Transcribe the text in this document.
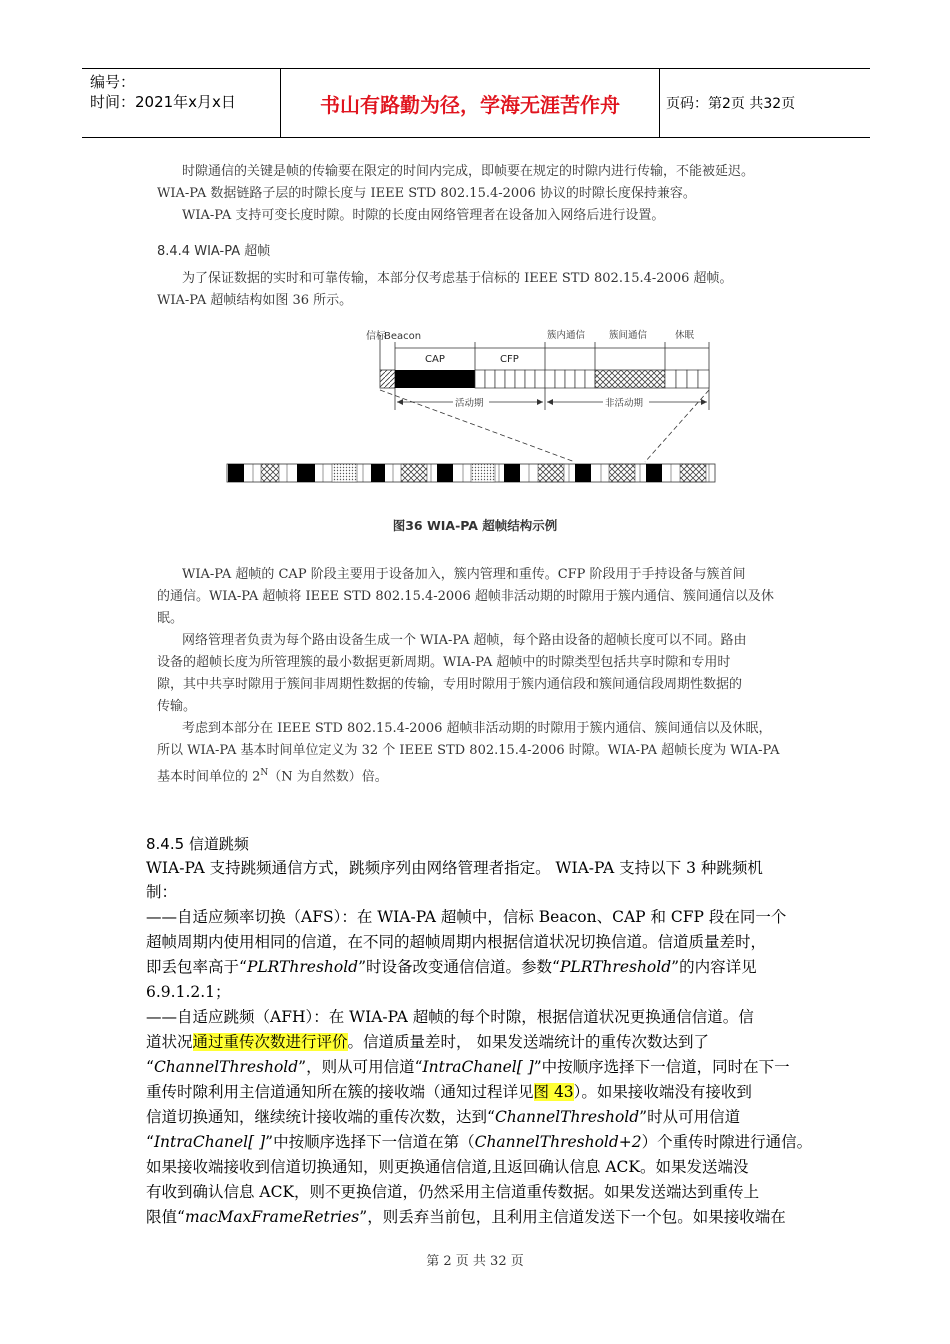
编号：
时间：2021年x月x日	书山有路勤为径，学海无涯苦作舟	页码：第2页 共32页
时隙通信的关键是帧的传输要在限定的时间内完成，即帧要在规定的时隙内进行传输，不能被延迟。
WIA-PA 数据链路子层的时隙长度与 IEEE STD 802.15.4-2006 协议的时隙长度保持兼容。
WIA-PA 支持可变长度时隙。时隙的长度由网络管理者在设备加入网络后进行设置。
8.4.4 WIA-PA 超帧
为了保证数据的实时和可靠传输，本部分仅考虑基于信标的 IEEE STD 802.15.4-2006 超帧。
WIA-PA 超帧结构如图 36 所示。
信标
Beacon	簇内通信	簇间通信	休眠
CAP	CFP
活动期	非活动期
图36 WIA-PA 超帧结构示例
WIA-PA 超帧的 CAP 阶段主要用于设备加入，簇内管理和重传。CFP 阶段用于手持设备与簇首间
的通信。WIA-PA 超帧将 IEEE STD 802.15.4-2006 超帧非活动期的时隙用于簇内通信、簇间通信以及休
眠。
网络管理者负责为每个路由设备生成一个 WIA-PA 超帧，每个路由设备的超帧长度可以不同。路由
设备的超帧长度为所管理簇的最小数据更新周期。WIA-PA 超帧中的时隙类型包括共享时隙和专用时
隙，其中共享时隙用于簇间非周期性数据的传输，专用时隙用于簇内通信段和簇间通信段周期性数据的
传输。
考虑到本部分在 IEEE STD 802.15.4-2006 超帧非活动期的时隙用于簇内通信、簇间通信以及休眠，
所以 WIA-PA 基本时间单位定义为 32 个 IEEE STD 802.15.4-2006 时隙。WIA-PA 超帧长度为 WIA-PA
基本时间单位的 $2^N(N$ 为自然数）倍。
8.4.5 信道跳频
WIA-PA 支持跳频通信方式，跳频序列由网络管理者指定。 WIA-PA 支持以下 3 种跳频机
制：
——自适应频率切换（AFS）：在 WIA-PA 超帧中，信标 Beacon、CAP 和 CFP 段在同一个
超帧周期内使用相同的信道，在不同的超帧周期内根据信道状况切换信道。信道质量差时，
即丢包率高于“PLRThreshold”时设备改变通信信道。参数“PLRThreshold”的内容详见
6.9.1.2.1；
——自适应跳频（AFH）：在 WIA-PA 超帧的每个时隙，根据信道状况更换通信信道。信
道状况通过重传次数进行评价。信道质量差时， 如果发送端统计的重传次数达到了
“ChannelThreshold”，则从可用信道“IntraChanel[ ]”中按顺序选择下一信道，同时在下一
重传时隙利用主信道通知所在簇的接收端（通知过程详见图 43）。如果接收端没有接收到
信道切换通知，继续统计接收端的重传次数，达到“ChannelThreshold”时从可用信道
“IntraChanel[ ]”中按顺序选择下一信道在第（ChannelThreshold+2）个重传时隙进行通信。
如果接收端接收到信道切换通知，则更换通信信道,且返回确认信息 ACK。如果发送端没
有收到确认信息 ACK，则不更换信道，仍然采用主信道重传数据。如果发送端达到重传上
限值“macMaxFrameRetries”，则丢弃当前包，且利用主信道发送下一个包。如果接收端在
第 2 页 共 32 页
